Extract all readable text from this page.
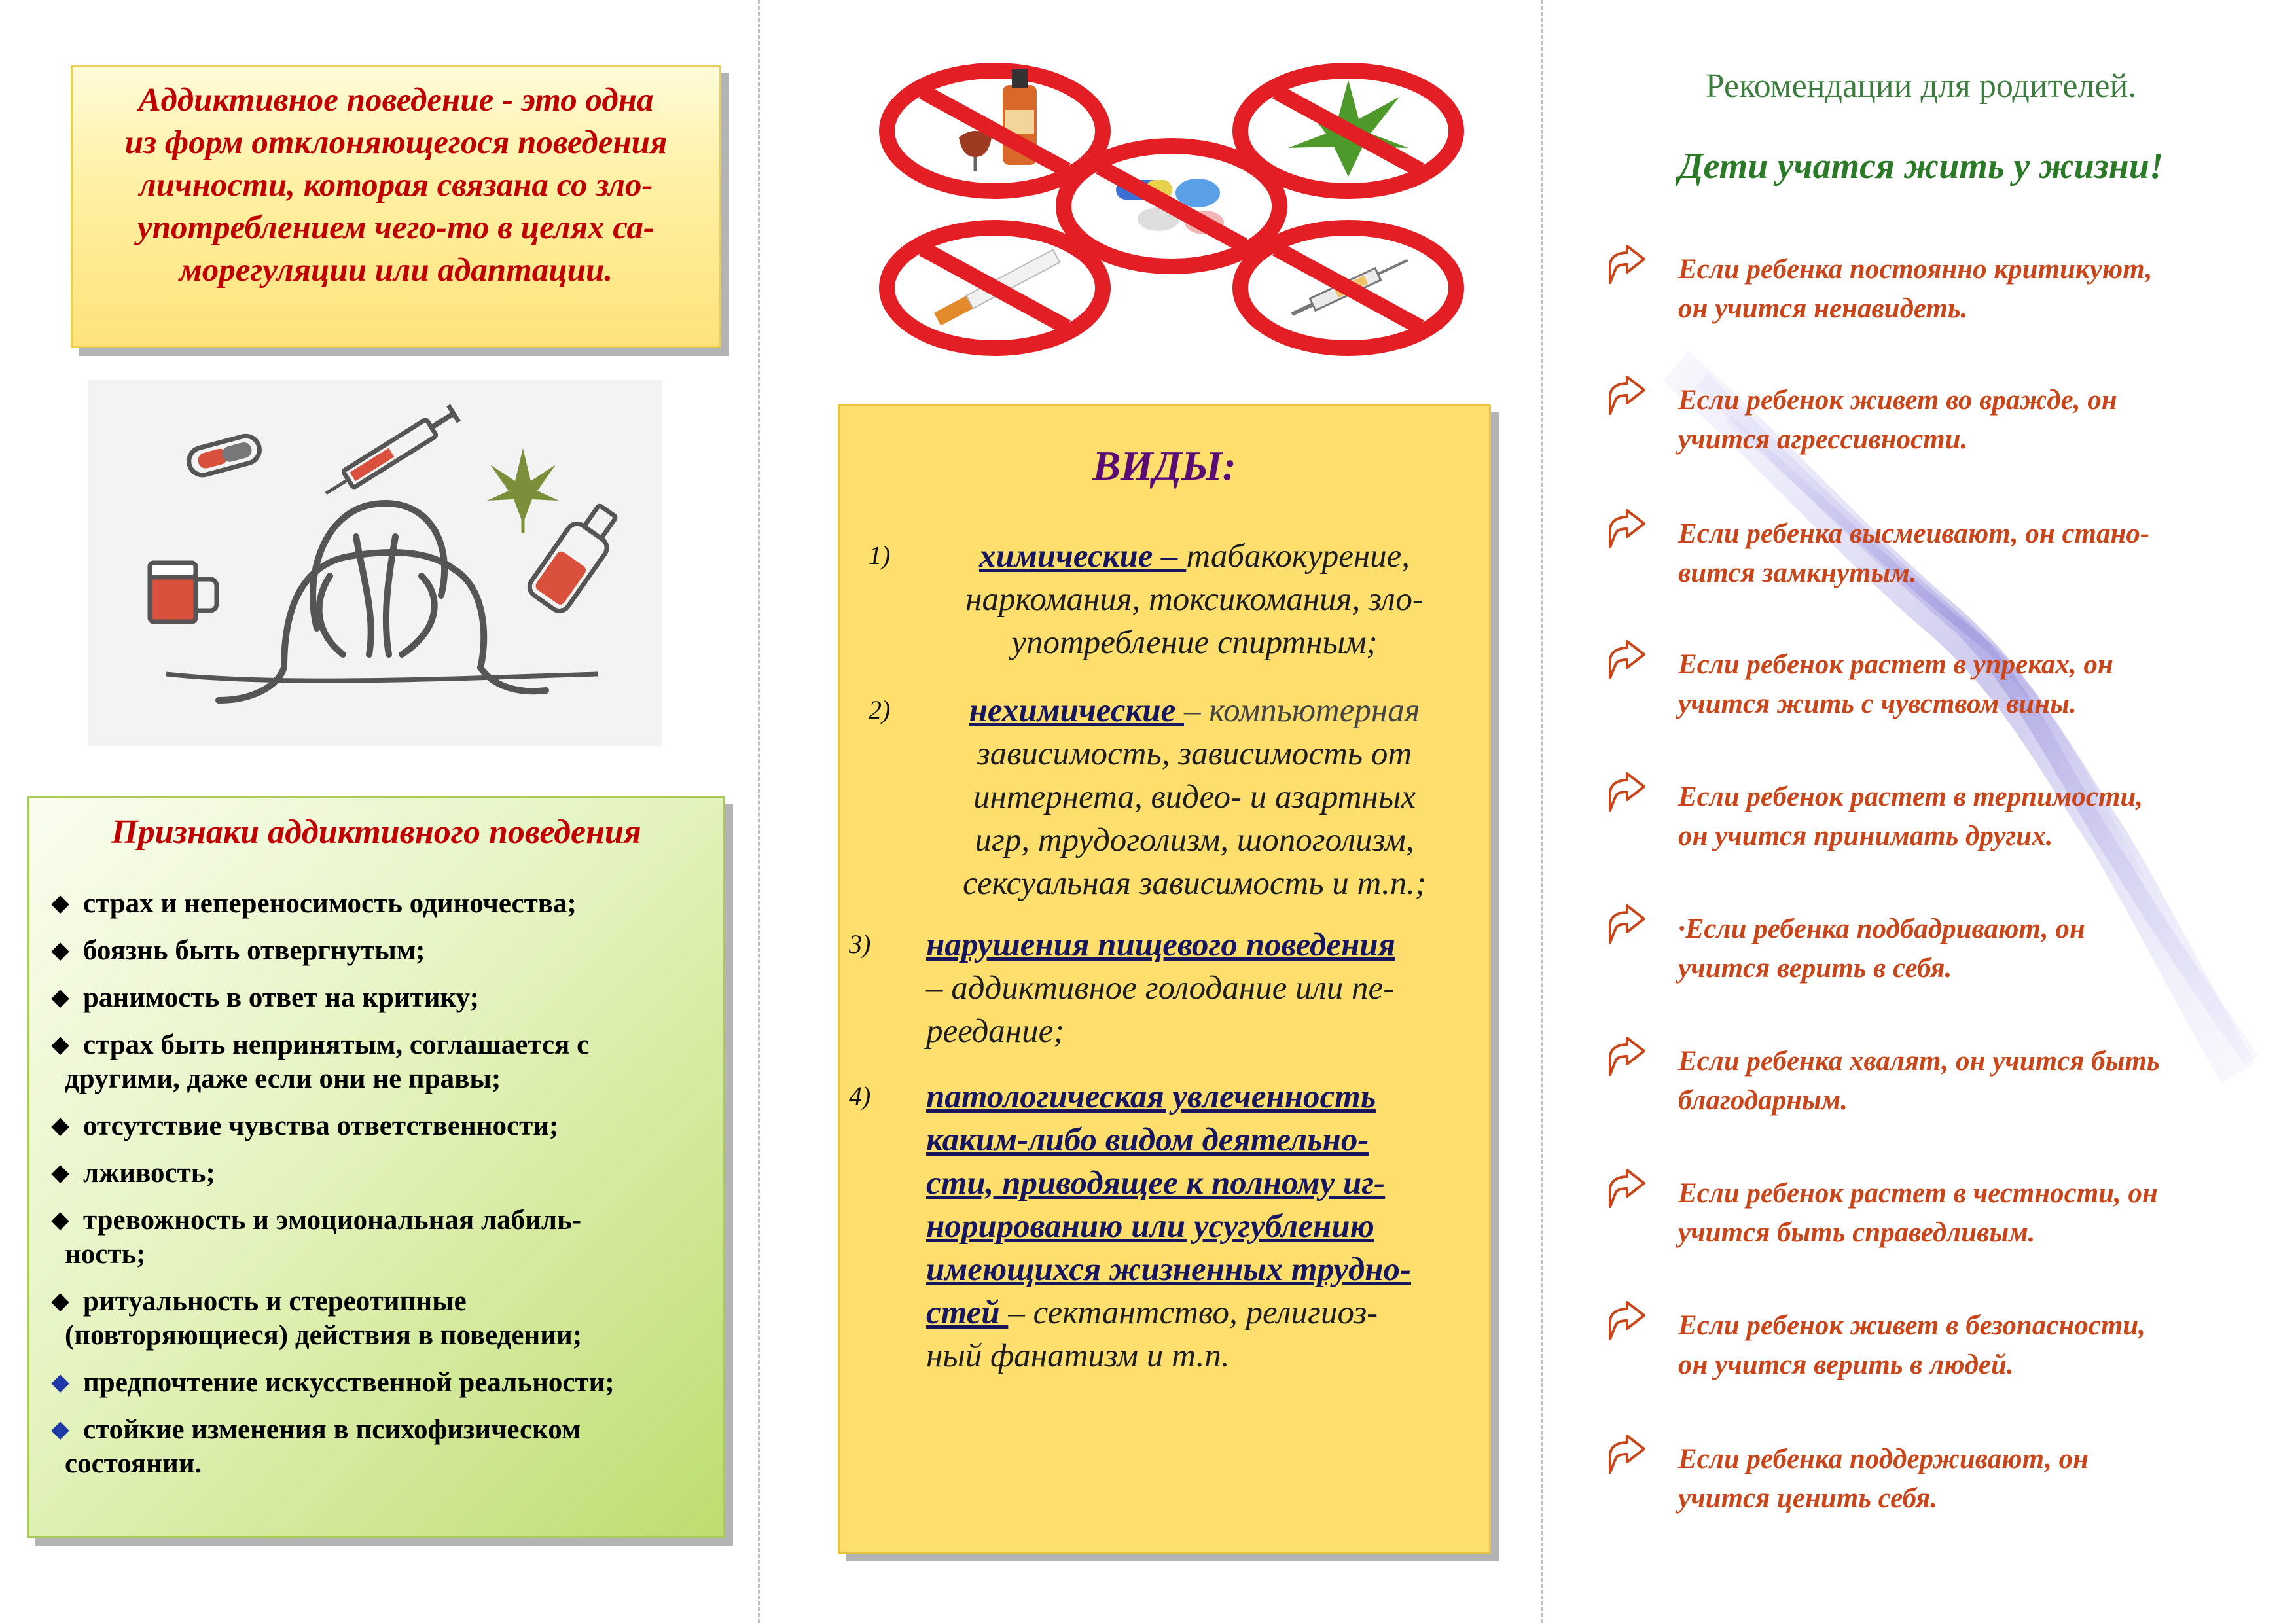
Аддиктивное поведение - это одна
из форм отклоняющегося поведения
личности, которая связана со зло-
употреблением чего-то в целях са-
морегуляции или адаптации.

Признаки аддиктивного поведения
◆ страх и непереносимость одиночества;
◆ боязнь быть отвергнутым;
◆ ранимость в ответ на критику;
◆ страх быть непринятым, соглашается с
другими, даже если они не правы;
◆ отсутствие чувства ответственности;
◆ лживость;
◆ тревожность и эмоциональная лабиль-
ность;
◆ ритуальность и стереотипные
(повторяющиеся) действия в поведении;
◆ предпочтение искусственной реальности;
◆ стойкие изменения в психофизическом
состоянии.
ВИДЫ:
1)	химические – табакокурение,
наркомания, токсикомания, зло-
употребление спиртным;
2)	нехимические – компьютерная
зависимость, зависимость от
интернета, видео- и азартных
игр, трудоголизм, шопоголизм,
сексуальная зависимость и т.п.;
3) нарушения пищевого поведения
– аддиктивное голодание или пе-
реедание;
4) патологическая увлеченность
каким-либо видом деятельно-
сти, приводящее к полному иг-
норированию или усугублению
имеющихся жизненных трудно-
стей – сектантство, религиоз-
ный фанатизм и т.п.
Рекомендации для родителей.
Дети учатся жить у жизни!
Если ребенка постоянно критикуют,
он учится ненавидеть.
Если ребенок живет во вражде, он
учится агрессивности.
Если ребенка высмеивают, он стано-
вится замкнутым.
Если ребенок растет в упреках, он
учится жить с чувством вины.
Если ребенок растет в терпимости,
он учится принимать других.
·Если ребенка подбадривают, он
учится верить в себя.
Если ребенка хвалят, он учится быть
благодарным.
Если ребенок растет в честности, он
учится быть справедливым.
Если ребенок живет в безопасности,
он учится верить в людей.
Если ребенка поддерживают, он
учится ценить себя.
